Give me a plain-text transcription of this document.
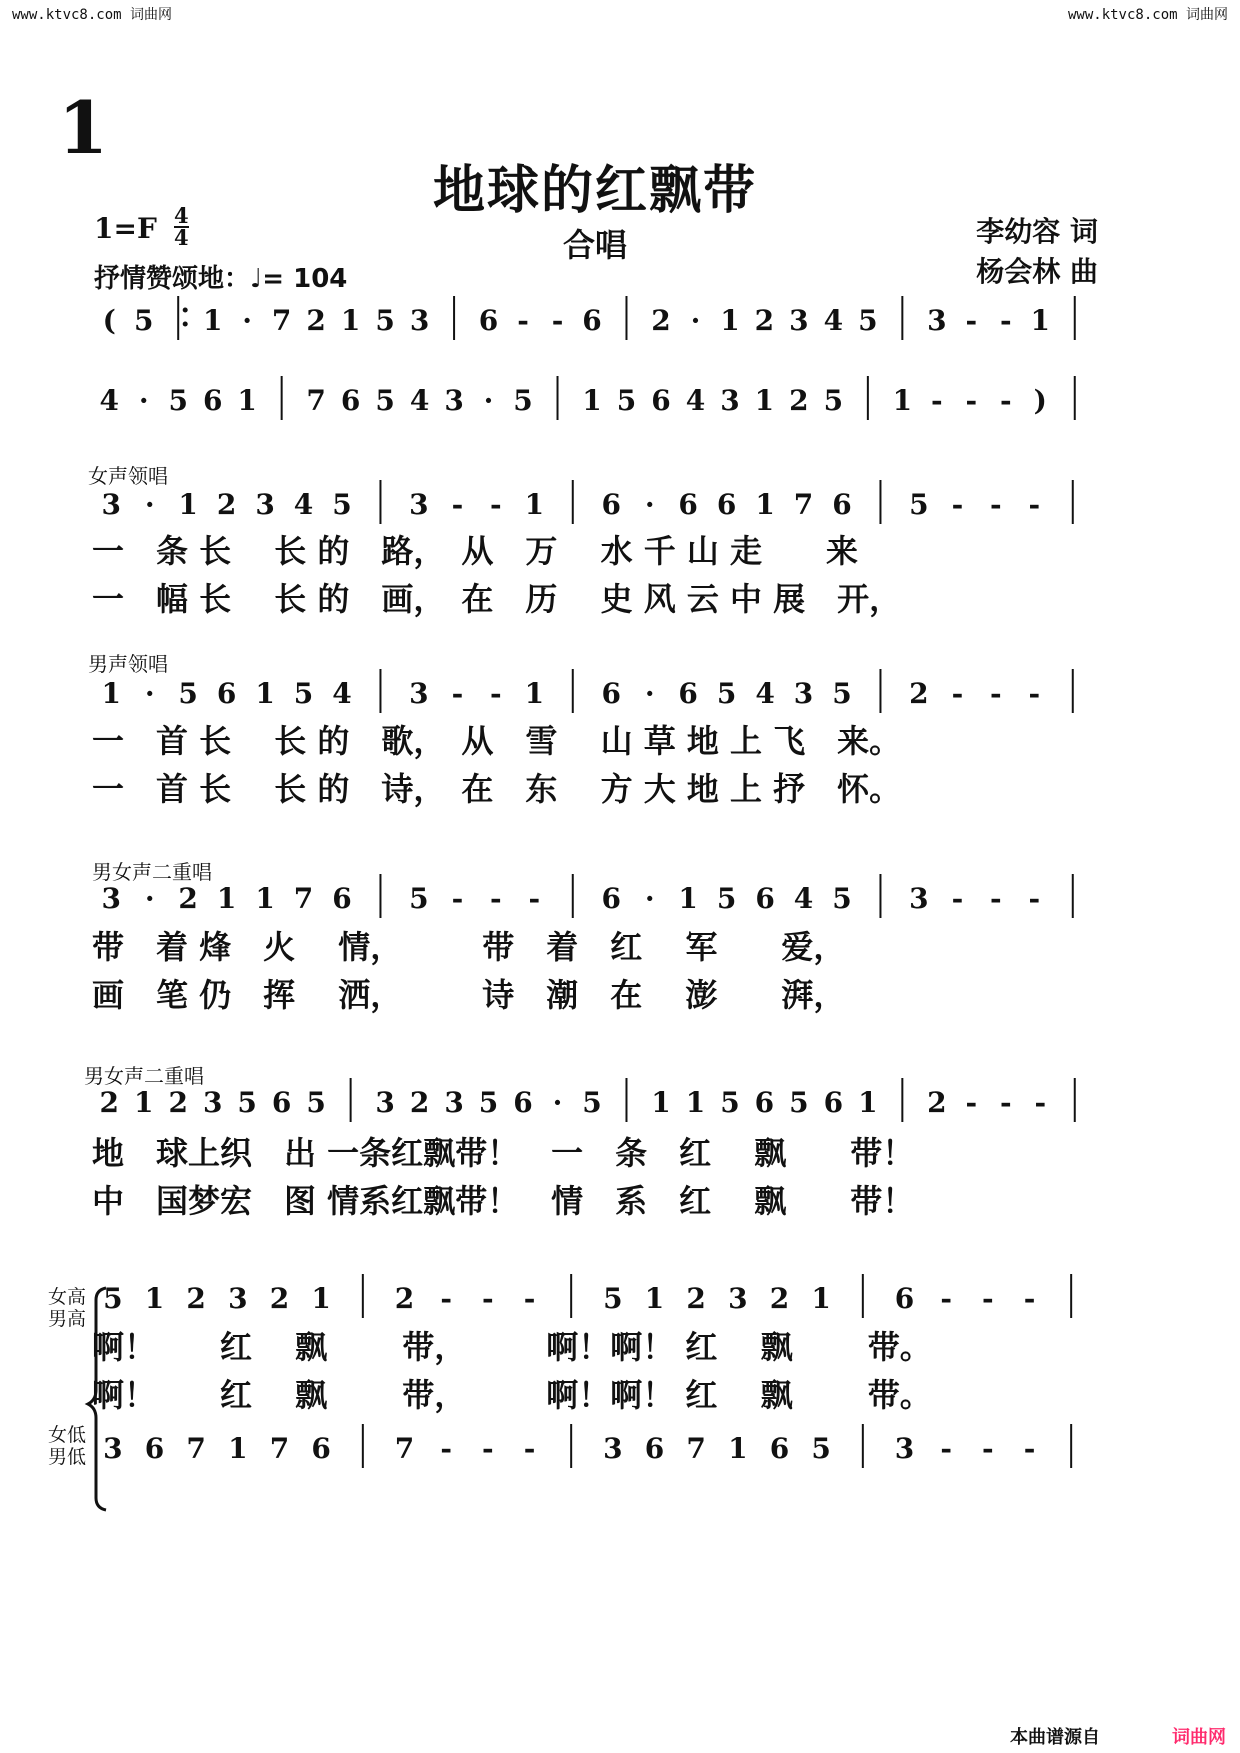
www.ktvc8.com 词曲网	www.ktvc8.com 词曲网
1
地球的红飘带
合唱
1=F 4
4
抒情赞颂地：♩= 104
李幼容 词
杨会林 曲
女声领唱
男声领唱
男女声二重唱
男女声二重唱
女高
男高
女低
男低
( 5 1 · 7 2 1 5 3 6 - - 6 2 · 1 2 3 4 5 3 - - 1
4 · 5 6 1 7 6 5 4 3 · 5 1 5 6 4 3 1 2 5 1 - - - )
3 · 1 2 3 4 5 3 - - 1 6 · 6 6 1 7 6 5 - - -
1 · 5 6 1 5 4 3 - - 1 6 · 6 5 4 3 5 2 - - -
3 · 2 1 1 7 6 5 - - - 6 · 1 5 6 4 5 3 - - -
2 1 2 3 5 6 5 3 2 3 5 6 · 5 1 1 5 6 5 6 1 2 - - -
5 1 2 3 2 1 2 - - - 5 1 2 3 2 1 6 - - -
3 6 7 1 7 6 7 - - - 3 6 7 1 6 5 3 - - -
一　条 长　 长 的　路，　从　万　 水 千 山 走　　来
一　幅 长　 长 的　画，　在　历　 史 风 云 中 展　开，
一　首 长　 长 的　歌，　从　雪　 山 草 地 上 飞　来。
一　首 长　 长 的　诗，　在　东　 方 大 地 上 抒　怀。
带　着 烽　火　 情，　　　带　着　红　 军　　爱，
画　笔 仍　挥　 洒，　　　诗　潮　在　 澎　　湃，
地　球上织　出 一条红飘带！　一　条　红　 飘　　带！
中　国梦宏　图 情系红飘带！　情　系　红　 飘　　带！
啊！　　红　 飘　　 带，　　　啊！啊！ 红　 飘　　 带。
啊！　　红　 飘　　 带，　　　啊！啊！ 红　 飘　　 带。
本曲谱源自	词曲网
